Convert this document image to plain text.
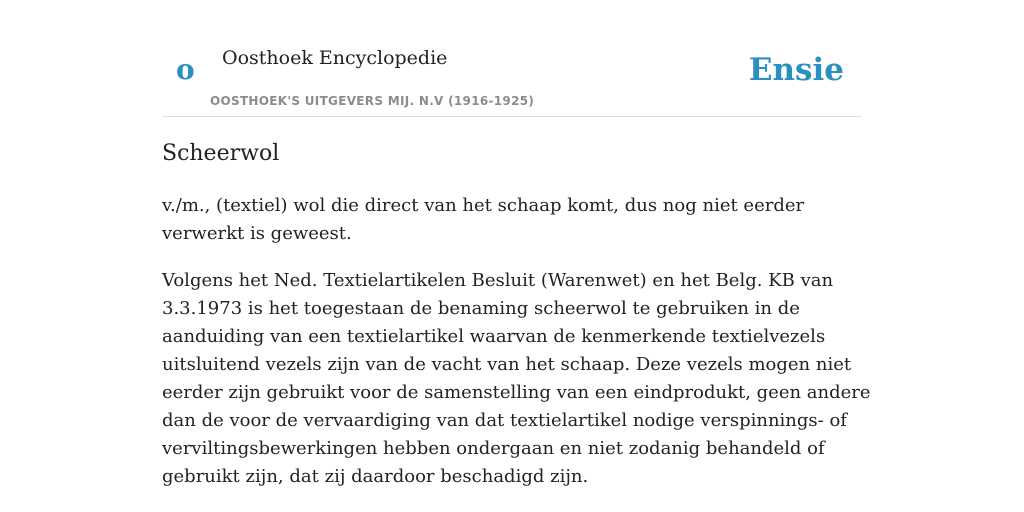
o Oosthoek Encyclopedie
OOSTHOEK'S UITGEVERS MIJ. N.V (1916-1925)
Ensie
Scheerwol

v./m., (textiel) wol die direct van het schaap komt, dus nog niet eerder verwerkt is geweest.

Volgens het Ned. Textielartikelen Besluit (Warenwet) en het Belg. KB van 3.3.1973 is het toegestaan de benaming scheerwol te gebruiken in de aanduiding van een textielartikel waarvan de kenmerkende textielvezels uitsluitend vezels zijn van de vacht van het schaap. Deze vezels mogen niet eerder zijn gebruikt voor de samenstelling van een eindprodukt, geen andere dan de voor de vervaardiging van dat textielartikel nodige verspinnings- of verviltingsbewerkingen hebben ondergaan en niet zodanig behandeld of gebruikt zijn, dat zij daardoor beschadigd zijn.
